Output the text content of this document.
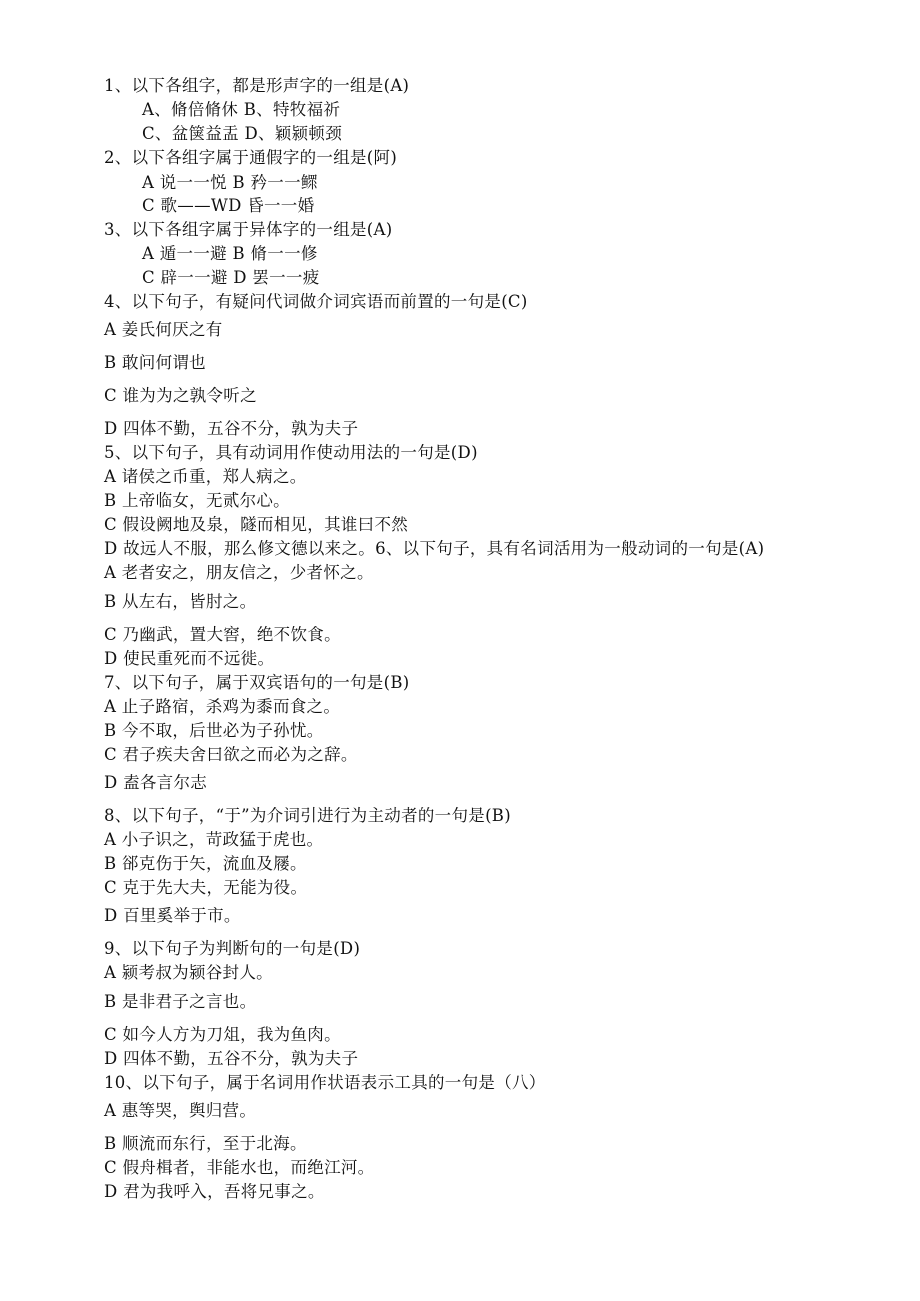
1、以下各组字，都是形声字的一组是(A)
A、脩倍脩休 B、特牧福祈
C、盆箧益盂 D、颖颍顿颈
2、以下各组字属于通假字的一组是(阿)
A 说一一悦 B 矜一一鳏
C 歌——WD 昏一一婚
3、以下各组字属于异体字的一组是(A)
A 遁一一避 B 脩一一修
C 辟一一避 D 罢一一疲
4、以下句子，有疑问代词做介词宾语而前置的一句是(C)
A 姜氏何厌之有
B 敢问何谓也
C 谁为为之孰令听之
D 四体不勤，五谷不分，孰为夫子
5、以下句子，具有动词用作使动用法的一句是(D)
A 诸侯之币重，郑人病之。
B 上帝临女，无贰尔心。
C 假设阙地及泉，隧而相见，其谁曰不然
D 故远人不服，那么修文德以来之。6、以下句子，具有名词活用为一般动词的一句是(A)
A 老者安之，朋友信之，少者怀之。
B 从左右，皆肘之。
C 乃幽武，置大窖，绝不饮食。
D 使民重死而不远徙。
7、以下句子，属于双宾语句的一句是(B)
A 止子路宿，杀鸡为黍而食之。
B 今不取，后世必为子孙忧。
C 君子疾夫舍曰欲之而必为之辞。
D 盍各言尔志
8、以下句子，“于”为介词引进行为主动者的一句是(B)
A 小子识之，苛政猛于虎也。
B 郤克伤于矢，流血及屦。
C 克于先大夫，无能为役。
D 百里奚举于市。
9、以下句子为判断句的一句是(D)
A 颍考叔为颍谷封人。
B 是非君子之言也。
C 如今人方为刀俎，我为鱼肉。
D 四体不勤，五谷不分，孰为夫子
10、以下句子，属于名词用作状语表示工具的一句是（八）
A 惠等哭，舆归营。
B 顺流而东行，至于北海。
C 假舟楫者，非能水也，而绝江河。
D 君为我呼入，吾将兄事之。
